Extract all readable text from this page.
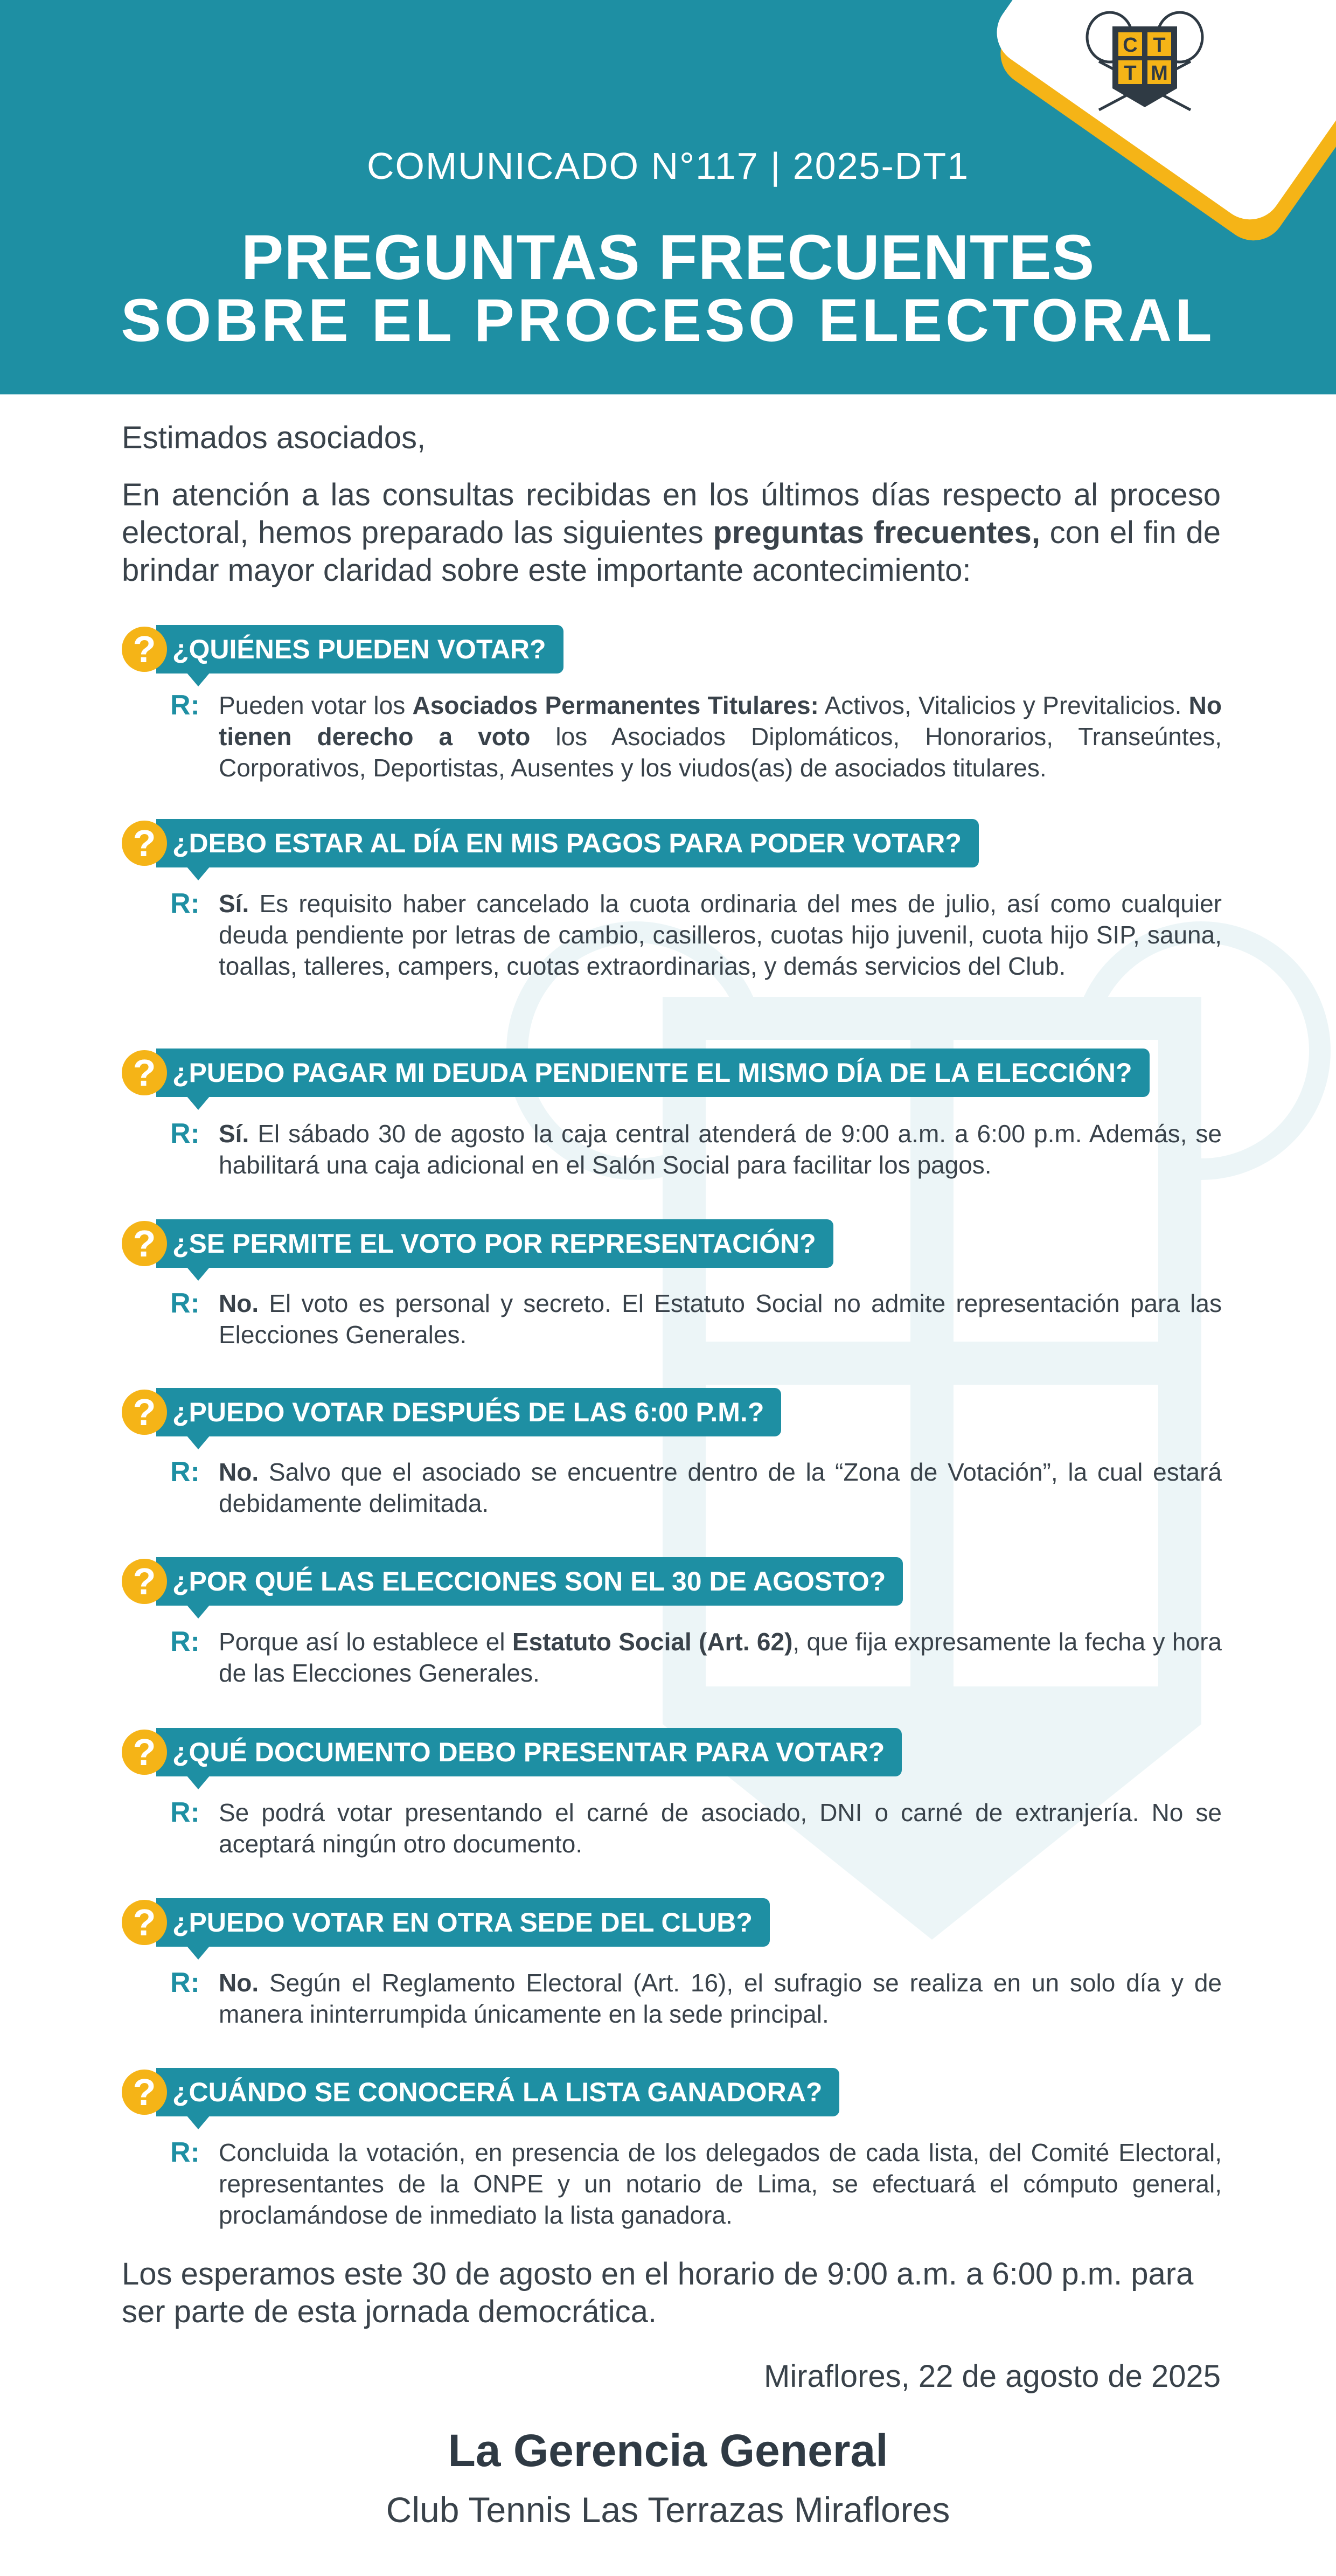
C T
T M
COMUNICADO N°117 | 2025-DT1
PREGUNTAS FRECUENTES
SOBRE EL PROCESO ELECTORAL
Estimados asociados,
En atención a las consultas recibidas en los últimos días respecto al proceso electoral, hemos preparado las siguientes preguntas frecuentes, con el fin de brindar mayor claridad sobre este importante acontecimiento:
¿QUIÉNES PUEDEN VOTAR?
?
R: Pueden votar los Asociados Permanentes Titulares: Activos, Vitalicios y Previtalicios. No tienen derecho a voto los Asociados Diplomáticos, Honorarios, Transeúntes, Corporativos, Deportistas, Ausentes y los viudos(as) de asociados titulares.
¿DEBO ESTAR AL DÍA EN MIS PAGOS PARA PODER VOTAR?
?
R: Sí. Es requisito haber cancelado la cuota ordinaria del mes de julio, así como cualquier deuda pendiente por letras de cambio, casilleros, cuotas hijo juvenil, cuota hijo SIP, sauna, toallas, talleres, campers, cuotas extraordinarias, y demás servicios del Club.
¿PUEDO PAGAR MI DEUDA PENDIENTE EL MISMO DÍA DE LA ELECCIÓN?
?
R: Sí. El sábado 30 de agosto la caja central atenderá de 9:00 a.m. a 6:00 p.m. Además, se habilitará una caja adicional en el Salón Social para facilitar los pagos.
¿SE PERMITE EL VOTO POR REPRESENTACIÓN?
?
R: No. El voto es personal y secreto. El Estatuto Social no admite representación para las Elecciones Generales.
¿PUEDO VOTAR DESPUÉS DE LAS 6:00 P.M.?
?
R: No. Salvo que el asociado se encuentre dentro de la “Zona de Votación”, la cual estará debidamente delimitada.
¿POR QUÉ LAS ELECCIONES SON EL 30 DE AGOSTO?
?
R: Porque así lo establece el Estatuto Social (Art. 62), que fija expresamente la fecha y hora de las Elecciones Generales.
¿QUÉ DOCUMENTO DEBO PRESENTAR PARA VOTAR?
?
R: Se podrá votar presentando el carné de asociado, DNI o carné de extranjería. No se aceptará ningún otro documento.
¿PUEDO VOTAR EN OTRA SEDE DEL CLUB?
?
R: No. Según el Reglamento Electoral (Art. 16), el sufragio se realiza en un solo día y de manera ininterrumpida únicamente en la sede principal.
¿CUÁNDO SE CONOCERÁ LA LISTA GANADORA?
?
R: Concluida la votación, en presencia de los delegados de cada lista, del Comité Electoral, representantes de la ONPE y un notario de Lima, se efectuará el cómputo general, proclamándose de inmediato la lista ganadora.
Los esperamos este 30 de agosto en el horario de 9:00 a.m. a 6:00 p.m. para ser parte de esta jornada democrática.
Miraflores, 22 de agosto de 2025
La Gerencia General
Club Tennis Las Terrazas Miraflores
